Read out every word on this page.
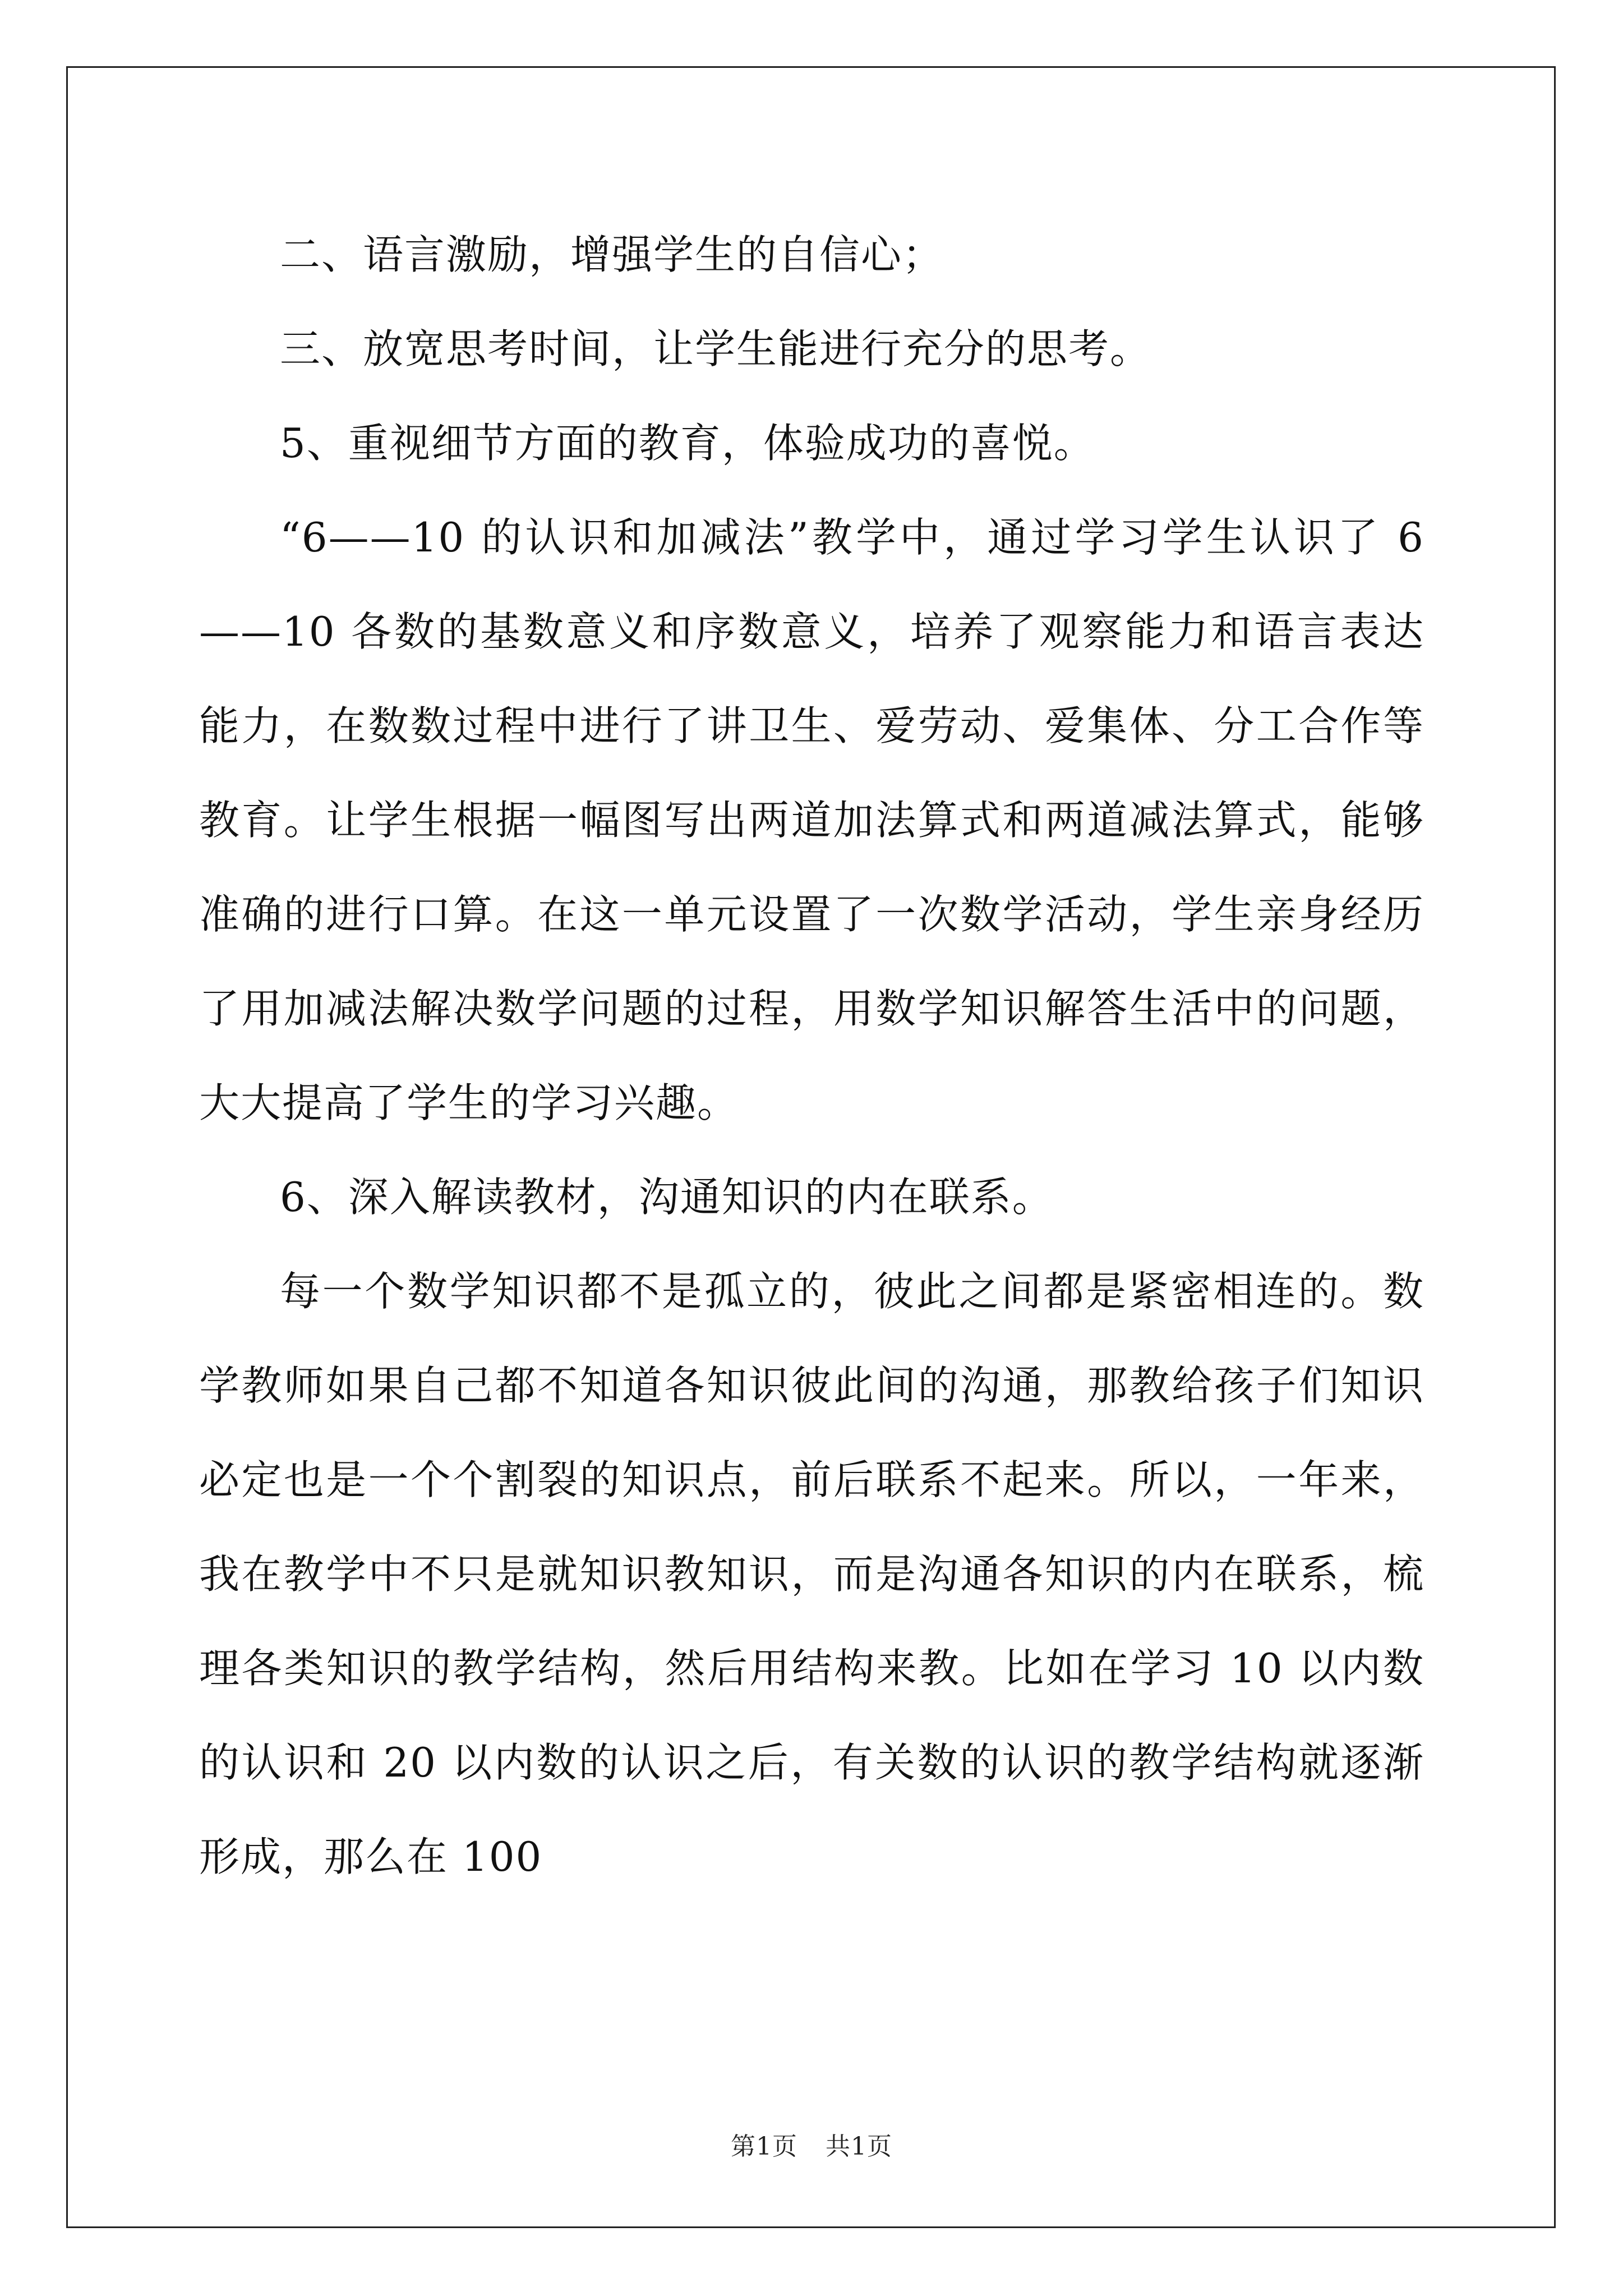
二、语言激励，增强学生的自信心；

三、放宽思考时间，让学生能进行充分的思考。

5、重视细节方面的教育，体验成功的喜悦。

“6——10 的认识和加减法”教学中，通过学习学生认识了 6——10 各数的基数意义和序数意义，培养了观察能力和语言表达能力，在数数过程中进行了讲卫生、爱劳动、爱集体、分工合作等教育。让学生根据一幅图写出两道加法算式和两道减法算式，能够准确的进行口算。在这一单元设置了一次数学活动，学生亲身经历了用加减法解决数学问题的过程，用数学知识解答生活中的问题，大大提高了学生的学习兴趣。

6、深入解读教材，沟通知识的内在联系。

每一个数学知识都不是孤立的，彼此之间都是紧密相连的。数学教师如果自己都不知道各知识彼此间的沟通，那教给孩子们知识必定也是一个个割裂的知识点，前后联系不起来。所以，一年来，我在教学中不只是就知识教知识，而是沟通各知识的内在联系，梳理各类知识的教学结构，然后用结构来教。比如在学习 10 以内数的认识和 20 以内数的认识之后，有关数的认识的教学结构就逐渐形成，那么在 100

第1页 共1页
